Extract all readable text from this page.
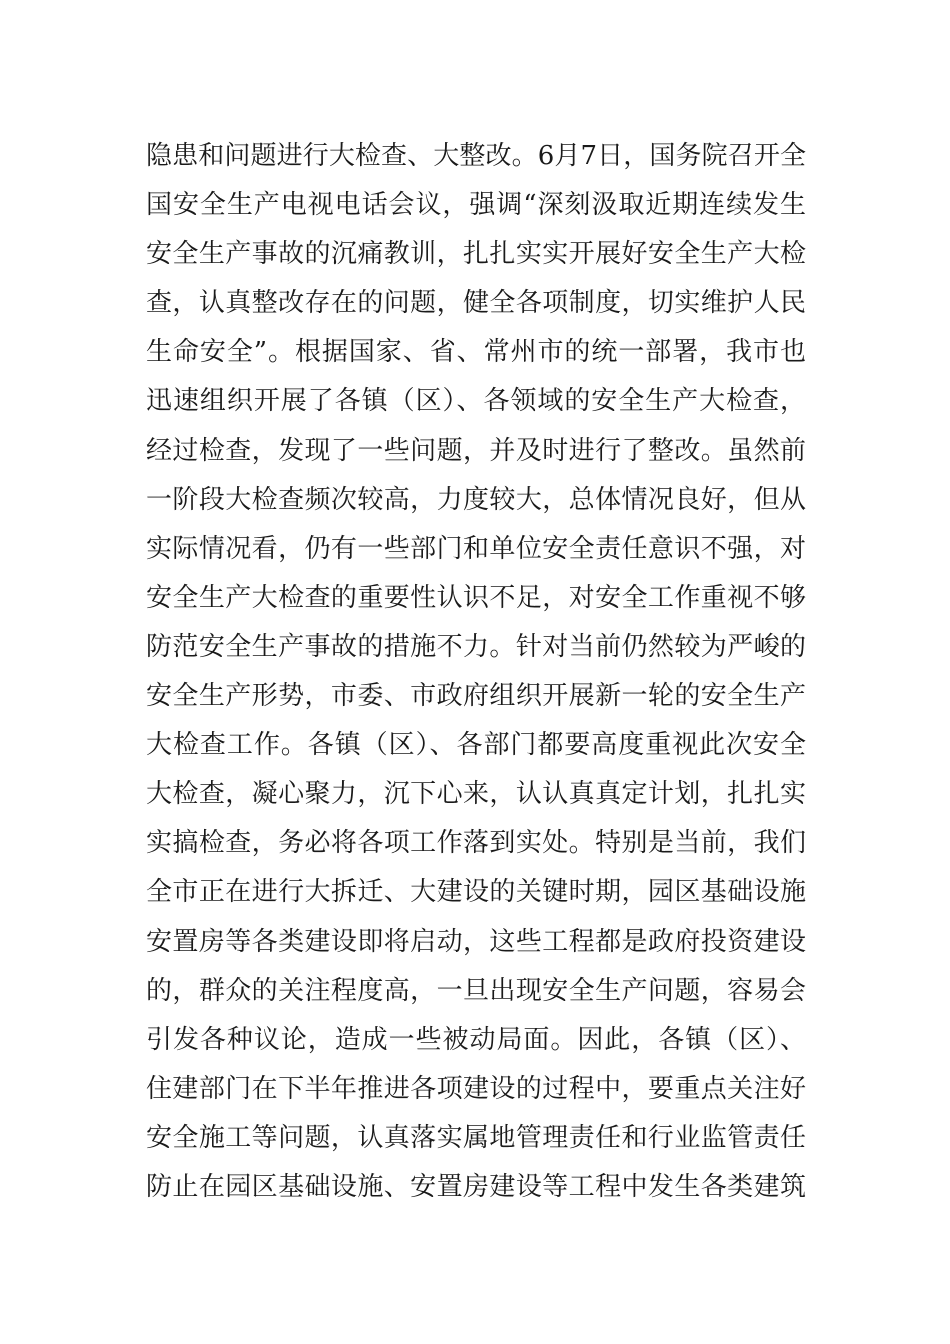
隐患和问题进行大检查、大整改。6月7日，国务院召开全
国安全生产电视电话会议，强调“深刻汲取近期连续发生
安全生产事故的沉痛教训，扎扎实实开展好安全生产大检
查，认真整改存在的问题，健全各项制度，切实维护人民
生命安全”。根据国家、省、常州市的统一部署，我市也
迅速组织开展了各镇（区）、各领域的安全生产大检查，
经过检查，发现了一些问题，并及时进行了整改。虽然前
一阶段大检查频次较高，力度较大，总体情况良好，但从
实际情况看，仍有一些部门和单位安全责任意识不强，对
安全生产大检查的重要性认识不足，对安全工作重视不够
防范安全生产事故的措施不力。针对当前仍然较为严峻的
安全生产形势，市委、市政府组织开展新一轮的安全生产
大检查工作。各镇（区）、各部门都要高度重视此次安全
大检查，凝心聚力，沉下心来，认认真真定计划，扎扎实
实搞检查，务必将各项工作落到实处。特别是当前，我们
全市正在进行大拆迁、大建设的关键时期，园区基础设施
安置房等各类建设即将启动，这些工程都是政府投资建设
的，群众的关注程度高，一旦出现安全生产问题，容易会
引发各种议论，造成一些被动局面。因此，各镇（区）、
住建部门在下半年推进各项建设的过程中，要重点关注好
安全施工等问题，认真落实属地管理责任和行业监管责任
防止在园区基础设施、安置房建设等工程中发生各类建筑
